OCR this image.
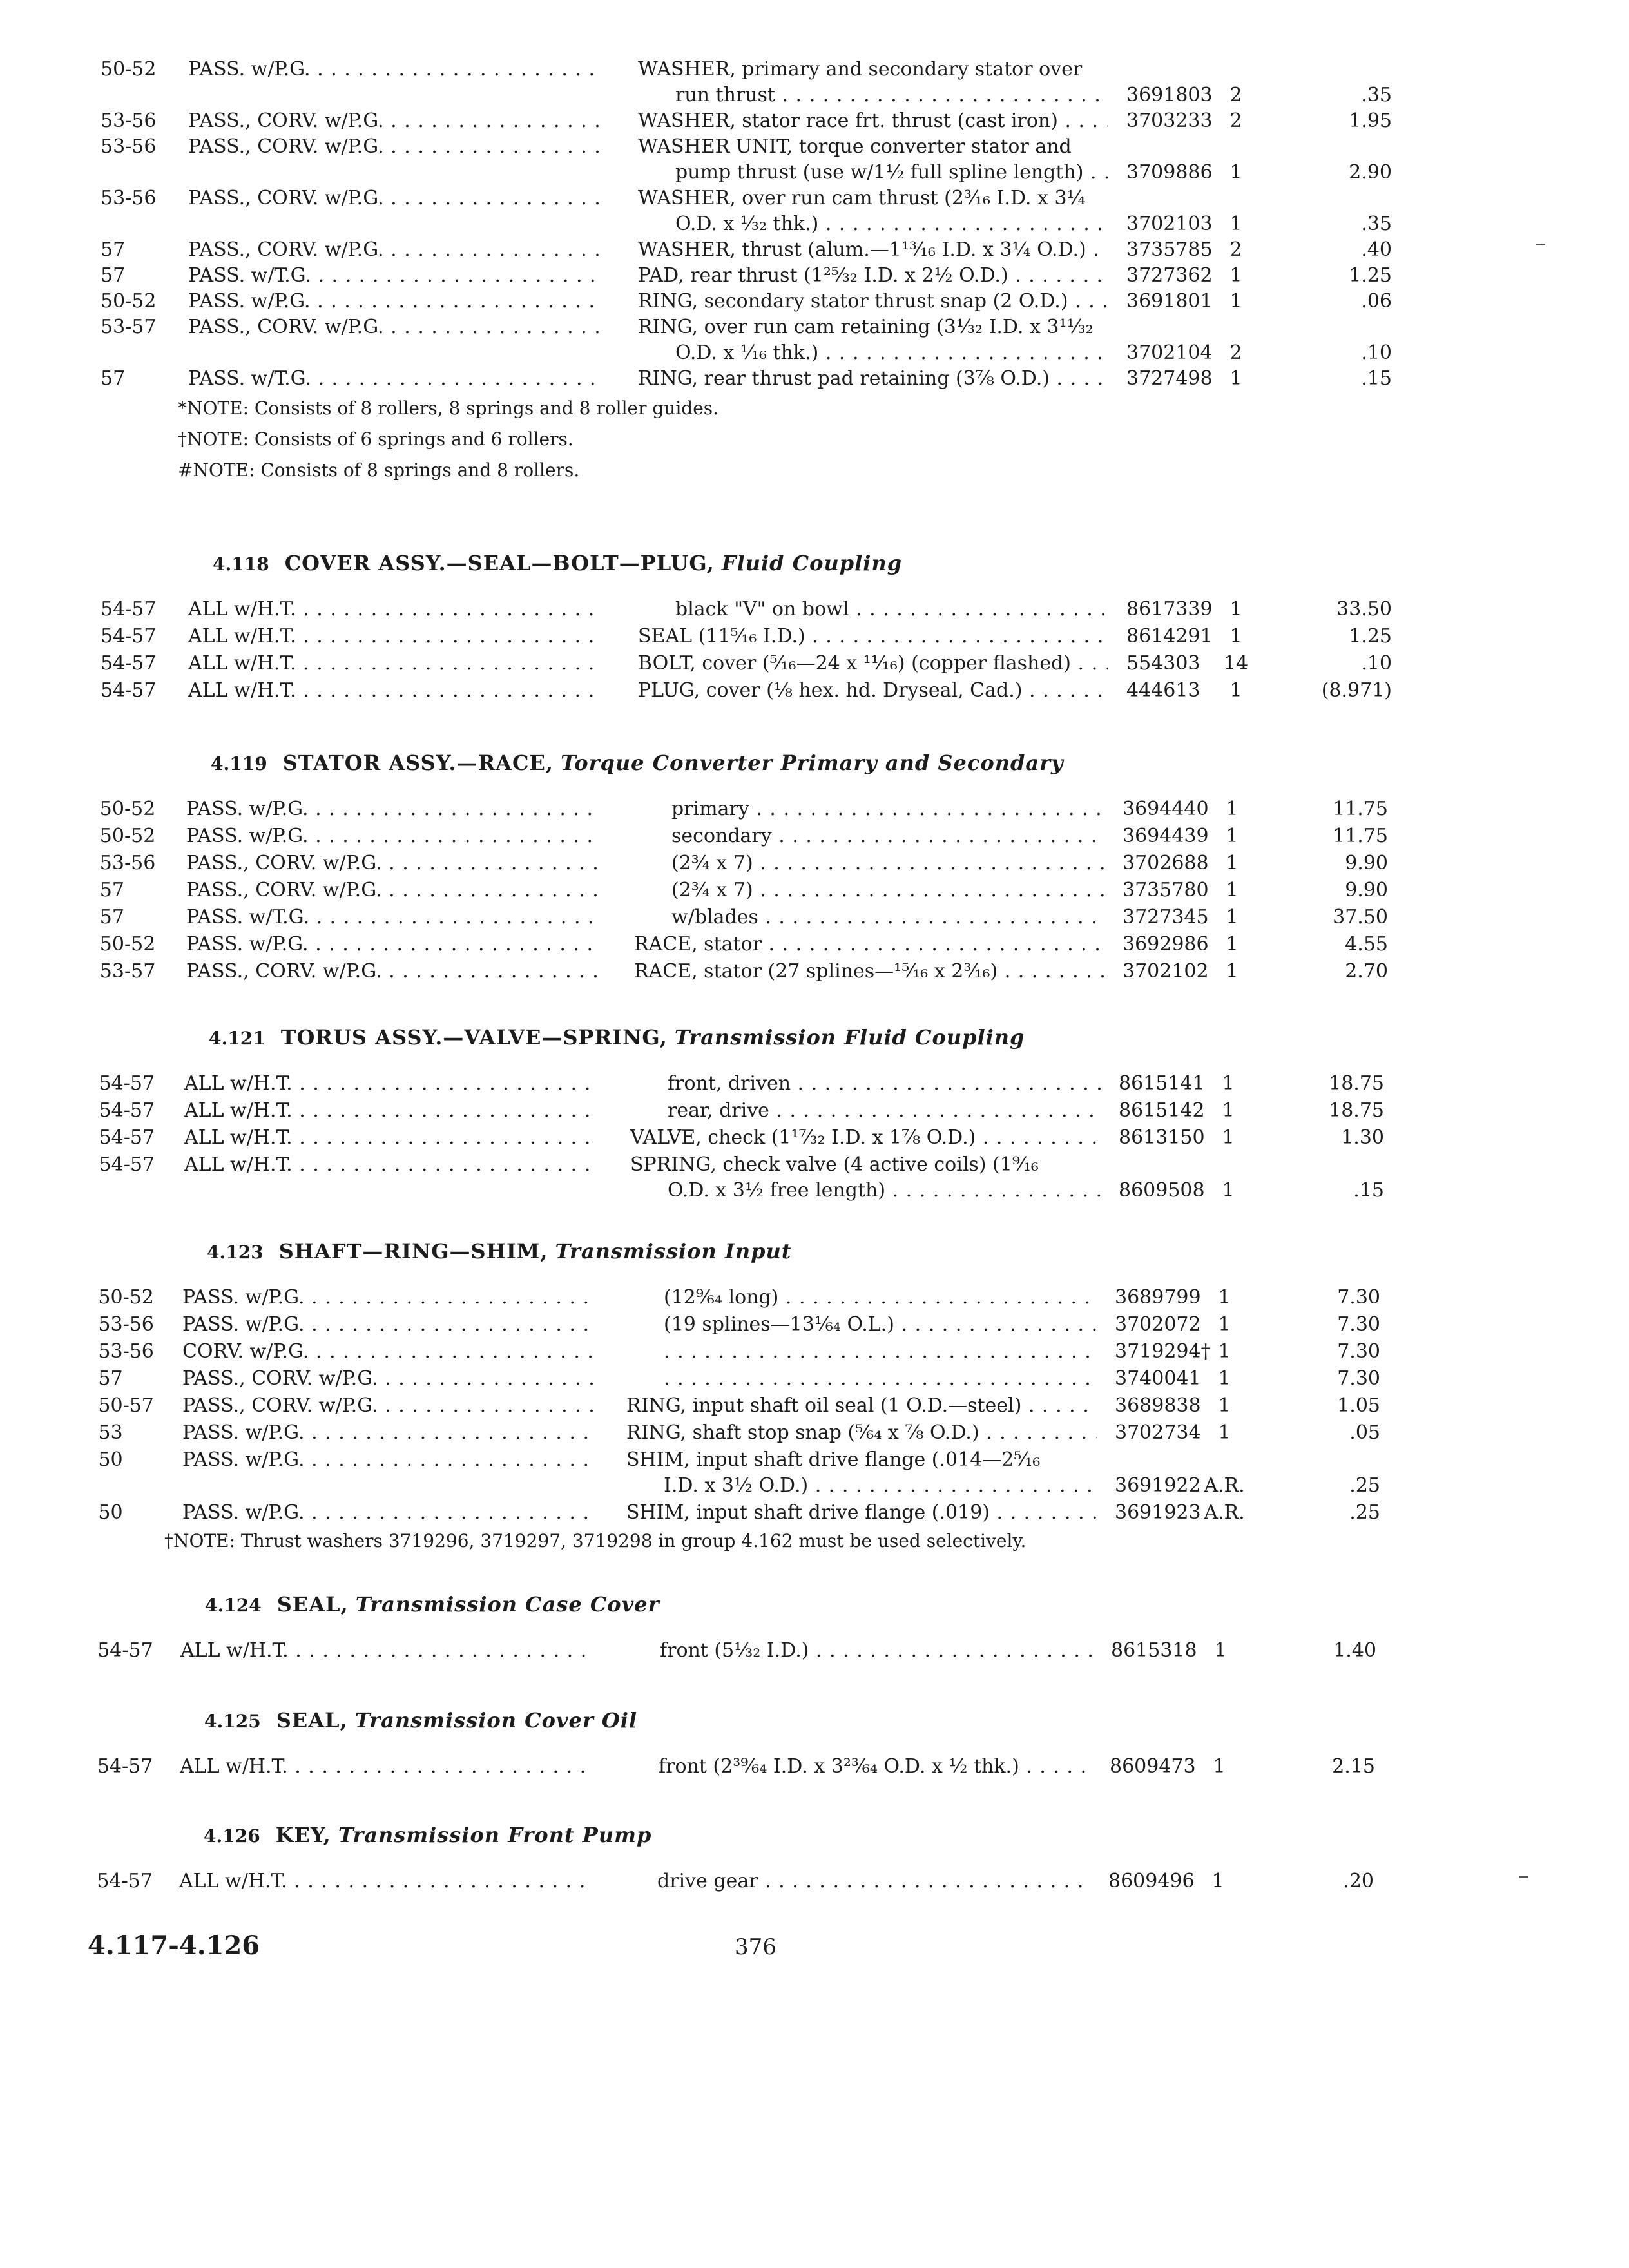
50-52 PASS. w/P.G. . . .	WASHER, primary and secondary stator over
run thrust . . .	3691803 2	.35
53-56 PASS., CORV. w/P.G. . . .	WASHER, stator race frt. thrust (cast iron) . . .	3703233 2	1.95
53-56 PASS., CORV. w/P.G. . . .	WASHER UNIT, torque converter stator and
pump thrust (use w/1½ full spline length) . . .	3709886 1	2.90
53-56 PASS., CORV. w/P.G. . . .	WASHER, over run cam thrust (2³⁄₁₆ I.D. x 3¼
O.D. x ⅓₂ thk.) . . .	3702103 1	.35
57	PASS., CORV. w/P.G. . . .	WASHER, thrust (alum.—1¹³⁄₁₆ I.D. x 3¼ O.D.) . . .	3735785 2	.40
57	PASS. w/T.G. . . .	PAD, rear thrust (1²⁵⁄₃₂ I.D. x 2½ O.D.) . . .	3727362 1	1.25
50-52 PASS. w/P.G. . . .	RING, secondary stator thrust snap (2 O.D.) . . .	3691801 1	.06
53-57 PASS., CORV. w/P.G. . . .	RING, over run cam retaining (3⅓₂ I.D. x 3¹¹⁄₃₂
O.D. x ⅟₁₆ thk.) . . .	3702104 2	.10
57	PASS. w/T.G. . . .	RING, rear thrust pad retaining (3⅞ O.D.) . . .	3727498 1	.15
*NOTE: Consists of 8 rollers, 8 springs and 8 roller guides.
†NOTE: Consists of 6 springs and 6 rollers.
#NOTE: Consists of 8 springs and 8 rollers.
4.118 COVER ASSY.—SEAL—BOLT—PLUG, Fluid Coupling
54-57 ALL w/H.T. . . .	black "V" on bowl . . .	8617339 1	33.50
54-57 ALL w/H.T. . . .	SEAL (11⁵⁄₁₆ I.D.) . . .	8614291 1	1.25
54-57 ALL w/H.T. . . .	BOLT, cover (⁵⁄₁₆—24 x ¹¹⁄₁₆) (copper flashed) . . .	554303	14	.10
54-57 ALL w/H.T. . . .	PLUG, cover (⅛ hex. hd. Dryseal, Cad.) . . .	444613	1	(8.971)
4.119 STATOR ASSY.—RACE, Torque Converter Primary and Secondary
50-52 PASS. w/P.G. . . .	primary . . .	3694440 1	11.75
50-52 PASS. w/P.G. . . .	secondary . . .	3694439 1	11.75
53-56 PASS., CORV. w/P.G. . . .	(2¾ x 7) . . .	3702688 1	9.90
57	PASS., CORV. w/P.G. . . .	(2¾ x 7) . . .	3735780 1	9.90
57	PASS. w/T.G. . . .	w/blades . . .	3727345 1	37.50
50-52 PASS. w/P.G. . . .	RACE, stator . . .	3692986 1	4.55
53-57 PASS., CORV. w/P.G. . . .	RACE, stator (27 splines—¹⁵⁄₁₆ x 2³⁄₁₆) . . .	3702102 1	2.70
4.121 TORUS ASSY.—VALVE—SPRING, Transmission Fluid Coupling
54-57 ALL w/H.T. . . .	front, driven . . .	8615141 1	18.75
54-57 ALL w/H.T. . . .	rear, drive . . .	8615142 1	18.75
54-57 ALL w/H.T. . . .	VALVE, check (1¹⁷⁄₃₂ I.D. x 1⅞ O.D.) . . .	8613150 1	1.30
54-57 ALL w/H.T. . . .	SPRING, check valve (4 active coils) (1⁹⁄₁₆
O.D. x 3½ free length) . . .	8609508 1	.15
4.123 SHAFT—RING—SHIM, Transmission Input
50-52 PASS. w/P.G. . . .	(12⁹⁄₆₄ long) . . .	3689799 1	7.30
53-56 PASS. w/P.G. . . .	(19 splines—13¹⁄₆₄ O.L.) . . .	3702072 1	7.30
53-56 CORV. w/P.G. . . . . . .	3719294† 1	7.30
57	PASS., CORV. w/P.G. . . . . . .	3740041 1	7.30
50-57 PASS., CORV. w/P.G. . . .	RING, input shaft oil seal (1 O.D.—steel) . . .	3689838 1	1.05
53	PASS. w/P.G. . . .	RING, shaft stop snap (⁵⁄₆₄ x ⅞ O.D.) . . .	3702734 1	.05
50	PASS. w/P.G. . . .	SHIM, input shaft drive flange (.014—2⁵⁄₁₆
I.D. x 3½ O.D.) . . .	3691922 A.R.	.25
50	PASS. w/P.G. . . .	SHIM, input shaft drive flange (.019) . . .	3691923 A.R.	.25
†NOTE: Thrust washers 3719296, 3719297, 3719298 in group 4.162 must be used selectively.
4.124 SEAL, Transmission Case Cover
54-57 ALL w/H.T. . . .	front (5⅟₃₂ I.D.) . . .	8615318 1	1.40
4.125 SEAL, Transmission Cover Oil
54-57 ALL w/H.T. . . .	front (2³⁹⁄₆₄ I.D. x 3²³⁄₆₄ O.D. x ½ thk.) . . .	8609473 1	2.15
4.126 KEY, Transmission Front Pump
54-57 ALL w/H.T. . . .	drive gear . . .	8609496 1	.20
4.117-4.126	376
